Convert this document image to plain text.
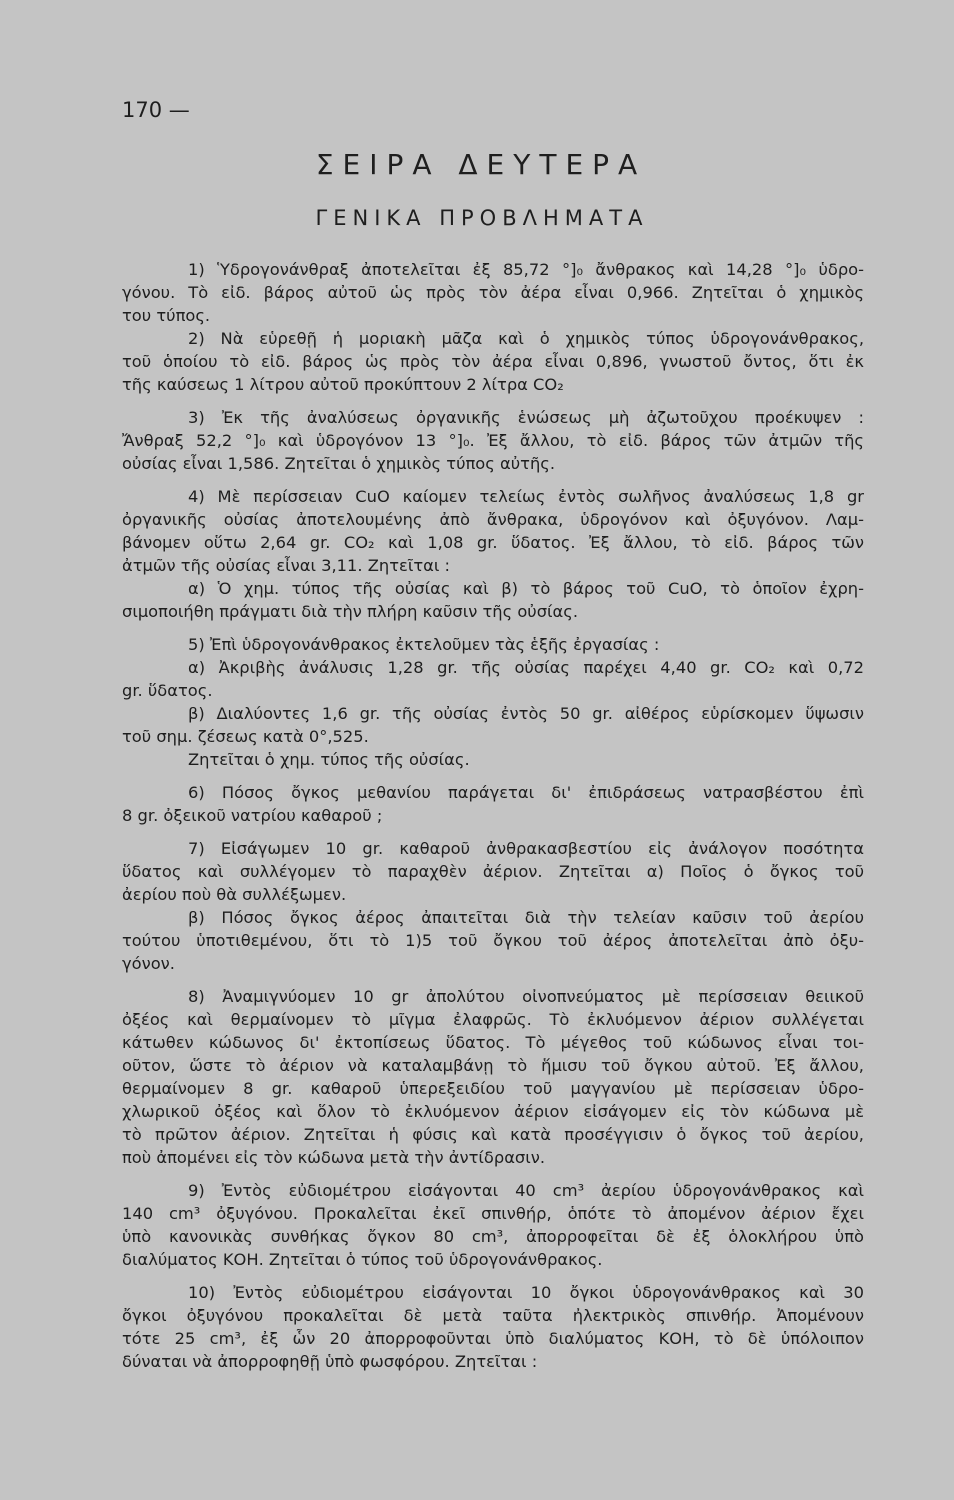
170 —
ΣΕΙΡΑ ΔΕΥΤΕΡΑ
ΓΕΝΙΚΑ ΠΡΟΒΛΗΜΑΤΑ
1) Ὑδρογονάνθραξ ἀποτελεῖται ἐξ 85,72 °]₀ ἄνθρακος καὶ 14,28 °]₀ ὑδρο-
γόνου. Τὸ εἰδ. βάρος αὐτοῦ ὡς πρὸς τὸν ἀέρα εἶναι 0,966. Ζητεῖται ὁ χημικὸς
του τύπος.
2) Νὰ εὑρεθῇ ἡ μοριακὴ μᾶζα καὶ ὁ χημικὸς τύπος ὑδρογονάνθρακος,
τοῦ ὁποίου τὸ εἰδ. βάρος ὡς πρὸς τὸν ἀέρα εἶναι 0,896, γνωστοῦ ὄντος, ὅτι ἐκ
τῆς καύσεως 1 λίτρου αὐτοῦ προκύπτουν 2 λίτρα CO₂
3) Ἐκ τῆς ἀναλύσεως ὀργανικῆς ἑνώσεως μὴ ἀζωτοῦχου προέκυψεν :
Ἄνθραξ 52,2 °]₀ καὶ ὑδρογόνον 13 °]₀. Ἐξ ἄλλου, τὸ εἰδ. βάρος τῶν ἀτμῶν τῆς
οὐσίας εἶναι 1,586. Ζητεῖται ὁ χημικὸς τύπος αὐτῆς.
4) Μὲ περίσσειαν CuO καίομεν τελείως ἐντὸς σωλῆνος ἀναλύσεως 1,8 gr
ὀργανικῆς οὐσίας ἀποτελουμένης ἀπὸ ἄνθρακα, ὑδρογόνον καὶ ὀξυγόνον. Λαμ-
βάνομεν οὕτω 2,64 gr. CO₂ καὶ 1,08 gr. ὕδατος. Ἐξ ἄλλου, τὸ εἰδ. βάρος τῶν
ἀτμῶν τῆς οὐσίας εἶναι 3,11. Ζητεῖται :
α) Ὁ χημ. τύπος τῆς οὐσίας καὶ β) τὸ βάρος τοῦ CuO, τὸ ὁποῖον ἐχρη-
σιμοποιήθη πράγματι διὰ τὴν πλήρη καῦσιν τῆς οὐσίας.
5) Ἐπὶ ὑδρογονάνθρακος ἐκτελοῦμεν τὰς ἑξῆς ἐργασίας :
α) Ἀκριβὴς ἀνάλυσις 1,28 gr. τῆς οὐσίας παρέχει 4,40 gr. CO₂ καὶ 0,72
gr. ὕδατος.
β) Διαλύοντες 1,6 gr. τῆς οὐσίας ἐντὸς 50 gr. αἰθέρος εὑρίσκομεν ὕψωσιν
τοῦ σημ. ζέσεως κατὰ 0°,525.
Ζητεῖται ὁ χημ. τύπος τῆς οὐσίας.
6) Πόσος ὄγκος μεθανίου παράγεται δι' ἐπιδράσεως νατρασβέστου ἐπὶ
8 gr. ὀξεικοῦ νατρίου καθαροῦ ;
7) Εἰσάγωμεν 10 gr. καθαροῦ ἀνθρακασβεστίου εἰς ἀνάλογον ποσότητα
ὕδατος καὶ συλλέγομεν τὸ παραχθὲν ἀέριον. Ζητεῖται α) Ποῖος ὁ ὄγκος τοῦ
ἀερίου ποὺ θὰ συλλέξωμεν.
β) Πόσος ὄγκος ἀέρος ἀπαιτεῖται διὰ τὴν τελείαν καῦσιν τοῦ ἀερίου
τούτου ὑποτιθεμένου, ὅτι τὸ 1)5 τοῦ ὄγκου τοῦ ἀέρος ἀποτελεῖται ἀπὸ ὀξυ-
γόνον.
8) Ἀναμιγνύομεν 10 gr ἀπολύτου οἰνοπνεύματος μὲ περίσσειαν θειικοῦ
ὀξέος καὶ θερμαίνομεν τὸ μῖγμα ἐλαφρῶς. Τὸ ἐκλυόμενον ἀέριον συλλέγεται
κάτωθεν κώδωνος δι' ἐκτοπίσεως ὕδατος. Τὸ μέγεθος τοῦ κώδωνος εἶναι τοι-
οῦτον, ὥστε τὸ ἀέριον νὰ καταλαμβάνῃ τὸ ἥμισυ τοῦ ὄγκου αὐτοῦ. Ἐξ ἄλλου,
θερμαίνομεν 8 gr. καθαροῦ ὑπερεξειδίου τοῦ μαγγανίου μὲ περίσσειαν ὑδρο-
χλωρικοῦ ὀξέος καὶ ὅλον τὸ ἐκλυόμενον ἀέριον εἰσάγομεν εἰς τὸν κώδωνα μὲ
τὸ πρῶτον ἀέριον. Ζητεῖται ἡ φύσις καὶ κατὰ προσέγγισιν ὁ ὄγκος τοῦ ἀερίου,
ποὺ ἀπομένει εἰς τὸν κώδωνα μετὰ τὴν ἀντίδρασιν.
9) Ἐντὸς εὐδιομέτρου εἰσάγονται 40 cm³ ἀερίου ὑδρογονάνθρακος καὶ
140 cm³ ὀξυγόνου. Προκαλεῖται ἐκεῖ σπινθήρ, ὁπότε τὸ ἀπομένον ἀέριον ἔχει
ὑπὸ κανονικὰς συνθήκας ὄγκον 80 cm³, ἀπορροφεῖται δὲ ἐξ ὁλοκλήρου ὑπὸ
διαλύματος ΚΟΗ. Ζητεῖται ὁ τύπος τοῦ ὑδρογονάνθρακος.
10) Ἐντὸς εὐδιομέτρου εἰσάγονται 10 ὄγκοι ὑδρογονάνθρακος καὶ 30
ὄγκοι ὀξυγόνου προκαλεῖται δὲ μετὰ ταῦτα ἠλεκτρικὸς σπινθήρ. Ἀπομένουν
τότε 25 cm³, ἐξ ὧν 20 ἀπορροφοῦνται ὑπὸ διαλύματος ΚΟΗ, τὸ δὲ ὑπόλοιπον
δύναται νὰ ἀπορροφηθῇ ὑπὸ φωσφόρου. Ζητεῖται :
